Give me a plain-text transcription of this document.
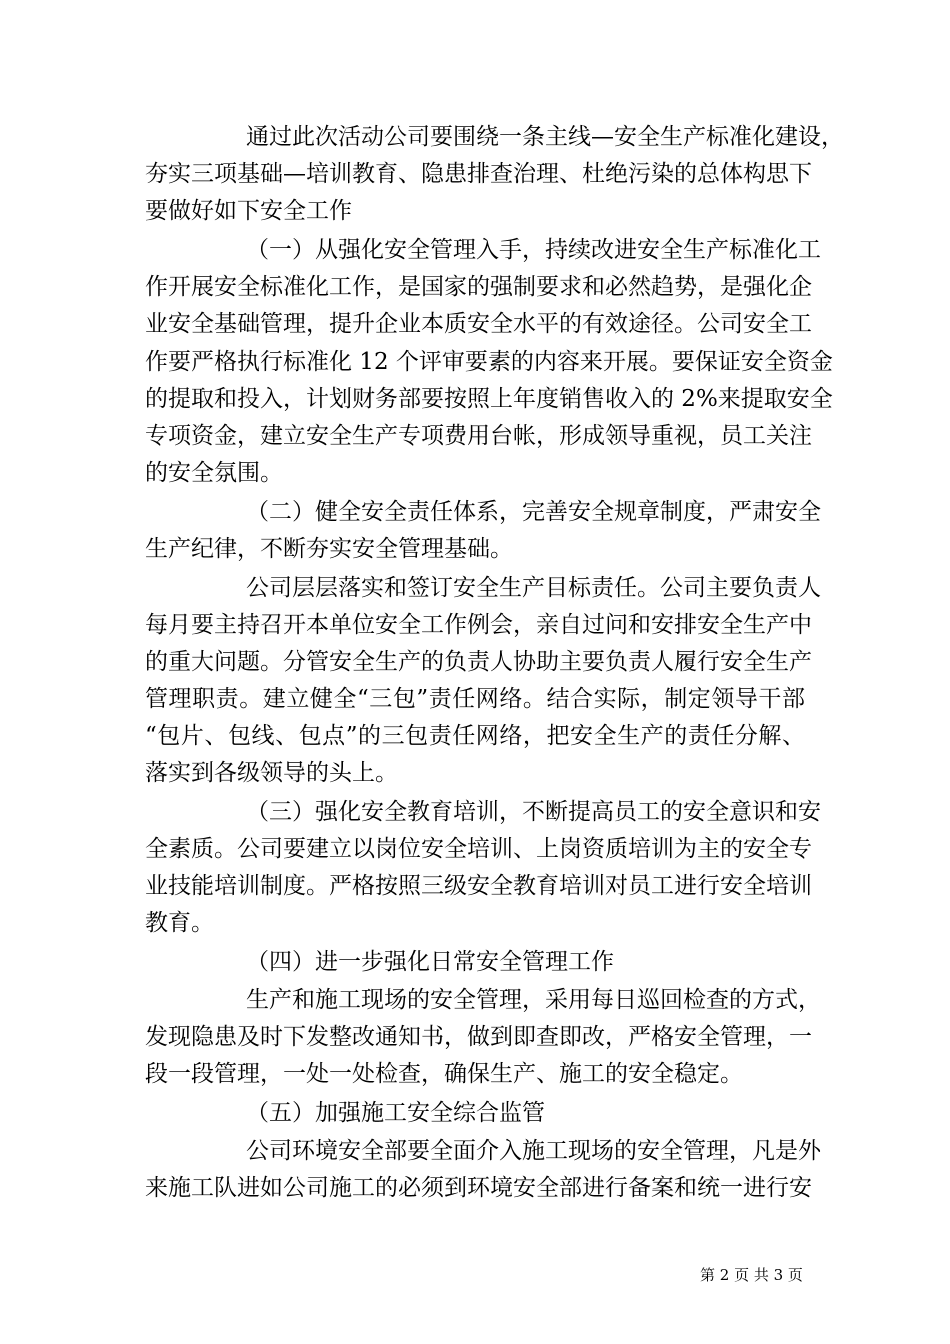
通过此次活动公司要围绕一条主线—安全生产标准化建设，
夯实三项基础—培训教育、隐患排查治理、杜绝污染的总体构思下
要做好如下安全工作
（一）从强化安全管理入手，持续改进安全生产标准化工
作开展安全标准化工作，是国家的强制要求和必然趋势，是强化企
业安全基础管理，提升企业本质安全水平的有效途径。公司安全工
作要严格执行标准化 12 个评审要素的内容来开展。要保证安全资金
的提取和投入，计划财务部要按照上年度销售收入的 2%来提取安全
专项资金，建立安全生产专项费用台帐，形成领导重视，员工关注
的安全氛围。
（二）健全安全责任体系，完善安全规章制度，严肃安全
生产纪律，不断夯实安全管理基础。
公司层层落实和签订安全生产目标责任。公司主要负责人
每月要主持召开本单位安全工作例会，亲自过问和安排安全生产中
的重大问题。分管安全生产的负责人协助主要负责人履行安全生产
管理职责。建立健全“三包”责任网络。结合实际，制定领导干部
“包片、包线、包点”的三包责任网络，把安全生产的责任分解、
落实到各级领导的头上。
（三）强化安全教育培训，不断提高员工的安全意识和安
全素质。公司要建立以岗位安全培训、上岗资质培训为主的安全专
业技能培训制度。严格按照三级安全教育培训对员工进行安全培训
教育。
（四）进一步强化日常安全管理工作
生产和施工现场的安全管理，采用每日巡回检查的方式，
发现隐患及时下发整改通知书，做到即查即改，严格安全管理，一
段一段管理，一处一处检查，确保生产、施工的安全稳定。
（五）加强施工安全综合监管
公司环境安全部要全面介入施工现场的安全管理，凡是外
来施工队进如公司施工的必须到环境安全部进行备案和统一进行安
第 2 页 共 3 页
